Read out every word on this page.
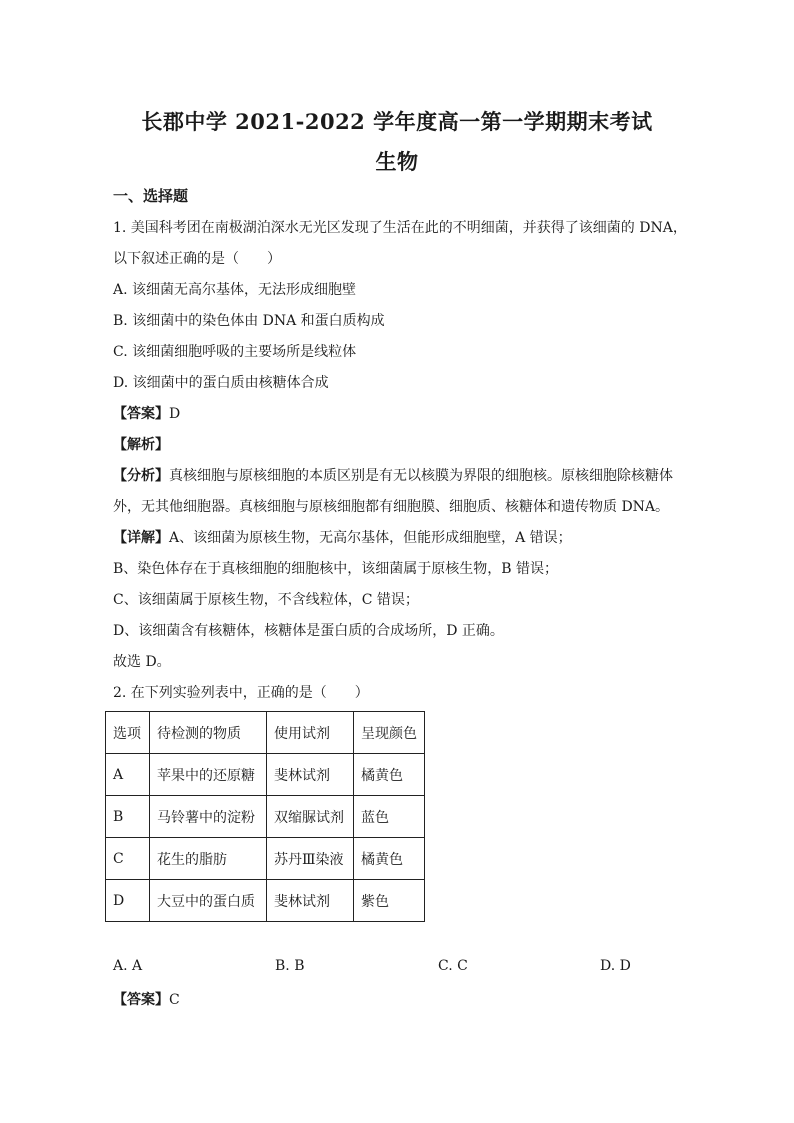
长郡中学 2021-2022 学年度高一第一学期期末考试
生物
一、选择题
1. 美国科考团在南极湖泊深水无光区发现了生活在此的不明细菌，并获得了该细菌的 DNA，
以下叙述正确的是（　　）
A. 该细菌无高尔基体，无法形成细胞壁
B. 该细菌中的染色体由 DNA 和蛋白质构成
C. 该细菌细胞呼吸的主要场所是线粒体
D. 该细菌中的蛋白质由核糖体合成
【答案】D
【解析】
【分析】真核细胞与原核细胞的本质区别是有无以核膜为界限的细胞核。原核细胞除核糖体
外，无其他细胞器。真核细胞与原核细胞都有细胞膜、细胞质、核糖体和遗传物质 DNA。
【详解】A、该细菌为原核生物，无高尔基体，但能形成细胞壁，A 错误；
B、染色体存在于真核细胞的细胞核中，该细菌属于原核生物，B 错误；
C、该细菌属于原核生物，不含线粒体，C 错误；
D、该细菌含有核糖体，核糖体是蛋白质的合成场所，D 正确。
故选 D。
2. 在下列实验列表中，正确的是（　　）
选项	待检测的物质	使用试剂	呈现颜色
A	苹果中的还原糖	斐林试剂	橘黄色
B	马铃薯中的淀粉	双缩脲试剂	蓝色
C	花生的脂肪	苏丹Ⅲ染液	橘黄色
D	大豆中的蛋白质	斐林试剂	紫色
A. A	B. B	C. C	D. D
【答案】C
